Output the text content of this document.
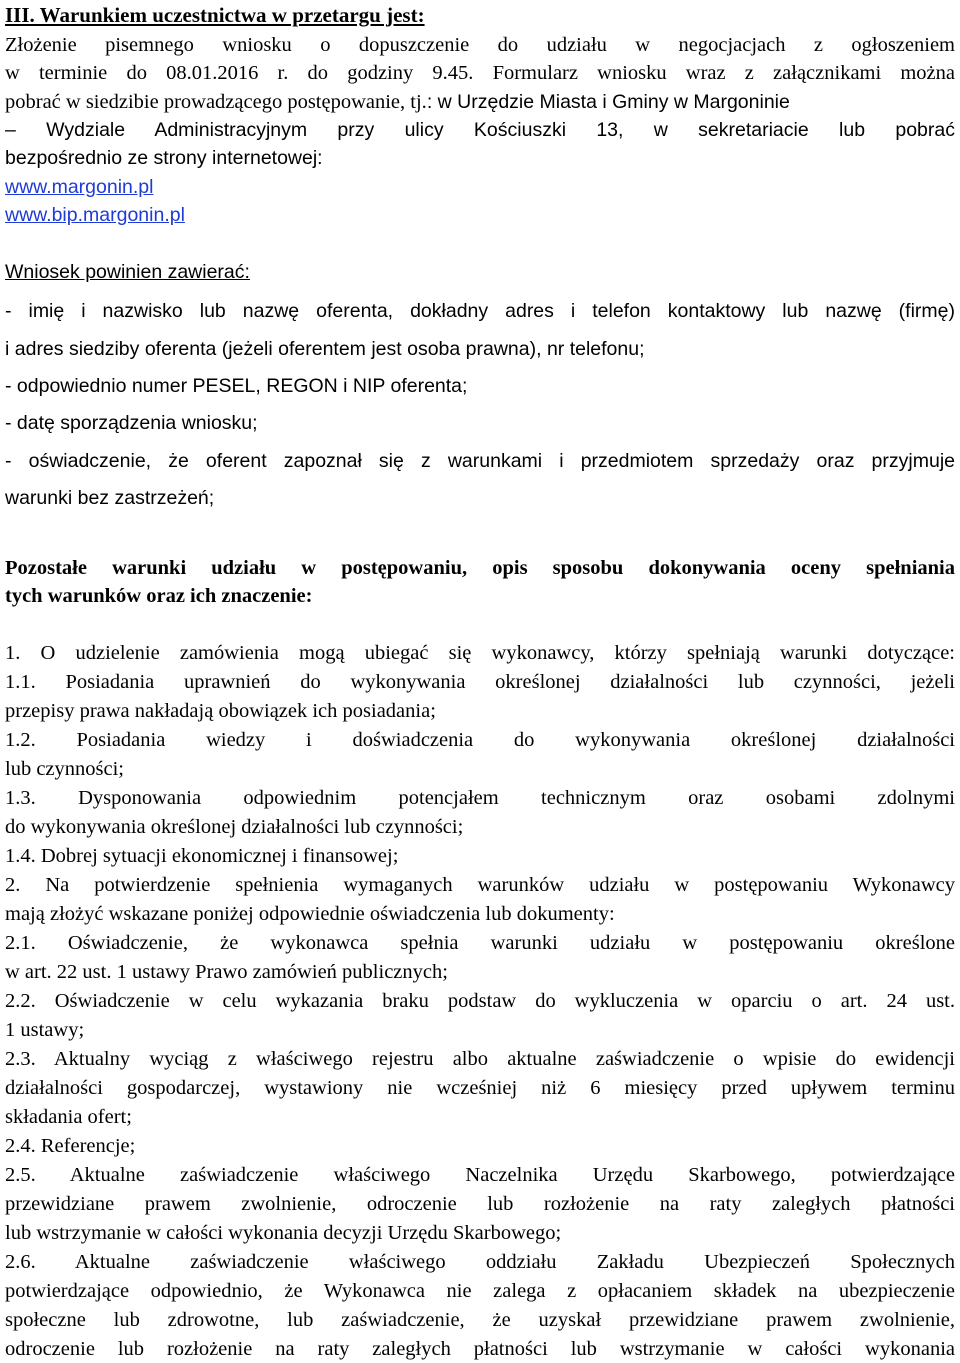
III. Warunkiem uczestnictwa w przetargu jest:
Złożenie pisemnego wniosku o dopuszczenie do udziału w negocjacjach z ogłoszeniem
w terminie do 08.01.2016 r. do godziny 9.45. Formularz wniosku wraz z załącznikami można
pobrać w siedzibie prowadzącego postępowanie, tj.: w Urzędzie Miasta i Gminy w Margoninie
– Wydziale Administracyjnym przy ulicy Kościuszki 13, w sekretariacie lub pobrać
bezpośrednio ze strony internetowej:
www.margonin.pl
www.bip.margonin.pl
Wniosek powinien zawierać:
- imię i nazwisko lub nazwę oferenta, dokładny adres i telefon kontaktowy lub nazwę (firmę)
i adres siedziby oferenta (jeżeli oferentem jest osoba prawna), nr telefonu;
- odpowiednio numer PESEL, REGON i NIP oferenta;
- datę sporządzenia wniosku;
- oświadczenie, że oferent zapoznał się z warunkami i przedmiotem sprzedaży oraz przyjmuje
warunki bez zastrzeżeń;
Pozostałe warunki udziału w postępowaniu, opis sposobu dokonywania oceny spełniania
tych warunków oraz ich znaczenie:
1. O udzielenie zamówienia mogą ubiegać się wykonawcy, którzy spełniają warunki dotyczące:
1.1. Posiadania uprawnień do wykonywania określonej działalności lub czynności, jeżeli
przepisy prawa nakładają obowiązek ich posiadania;
1.2. Posiadania wiedzy i doświadczenia do wykonywania określonej działalności
lub czynności;
1.3. Dysponowania odpowiednim potencjałem technicznym oraz osobami zdolnymi
do wykonywania określonej działalności lub czynności;
1.4. Dobrej sytuacji ekonomicznej i finansowej;
2. Na potwierdzenie spełnienia wymaganych warunków udziału w postępowaniu Wykonawcy
mają złożyć wskazane poniżej odpowiednie oświadczenia lub dokumenty:
2.1. Oświadczenie, że wykonawca spełnia warunki udziału w postępowaniu określone
w art. 22 ust. 1 ustawy Prawo zamówień publicznych;
2.2. Oświadczenie w celu wykazania braku podstaw do wykluczenia w oparciu o art. 24 ust.
1 ustawy;
2.3. Aktualny wyciąg z właściwego rejestru albo aktualne zaświadczenie o wpisie do ewidencji
działalności gospodarczej, wystawiony nie wcześniej niż 6 miesięcy przed upływem terminu
składania ofert;
2.4. Referencje;
2.5. Aktualne zaświadczenie właściwego Naczelnika Urzędu Skarbowego, potwierdzające
przewidziane prawem zwolnienie, odroczenie lub rozłożenie na raty zaległych płatności
lub wstrzymanie w całości wykonania decyzji Urzędu Skarbowego;
2.6. Aktualne zaświadczenie właściwego oddziału Zakładu Ubezpieczeń Społecznych
potwierdzające odpowiednio, że Wykonawca nie zalega z opłacaniem składek na ubezpieczenie
społeczne lub zdrowotne, lub zaświadczenie, że uzyskał przewidziane prawem zwolnienie,
odroczenie lub rozłożenie na raty zaległych płatności lub wstrzymanie w całości wykonania
